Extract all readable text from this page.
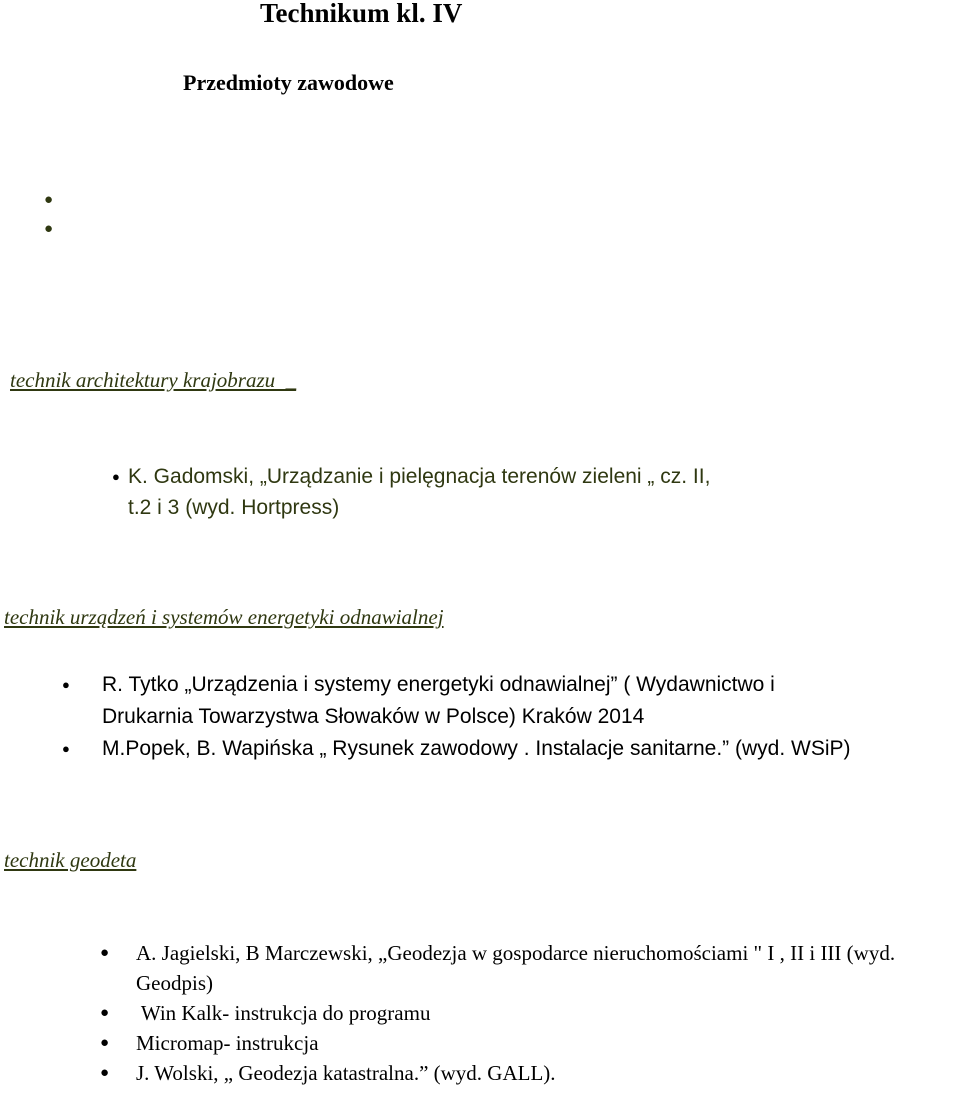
Technikum kl. IV
Przedmioty zawodowe
●
●
technik architektury krajobrazu  _
● K. Gadomski, „Urządzanie i pielęgnacja terenów zieleni „ cz. II, t.2 i 3 (wyd. Hortpress)
technik urządzeń i systemów energetyki odnawialnej
● R. Tytko „Urządzenia i systemy energetyki odnawialnej” ( Wydawnictwo i Drukarnia Towarzystwa Słowaków w Polsce) Kraków 2014
● M.Popek, B. Wapińska „ Rysunek zawodowy . Instalacje sanitarne.” (wyd. WSiP)
technik geodeta
● A. Jagielski, B Marczewski, „Geodezja w gospodarce nieruchomościami " I , II i III (wyd. Geodpis)
● Win Kalk- instrukcja do programu
● Micromap- instrukcja
● J. Wolski, „ Geodezja katastralna.” (wyd. GALL).
